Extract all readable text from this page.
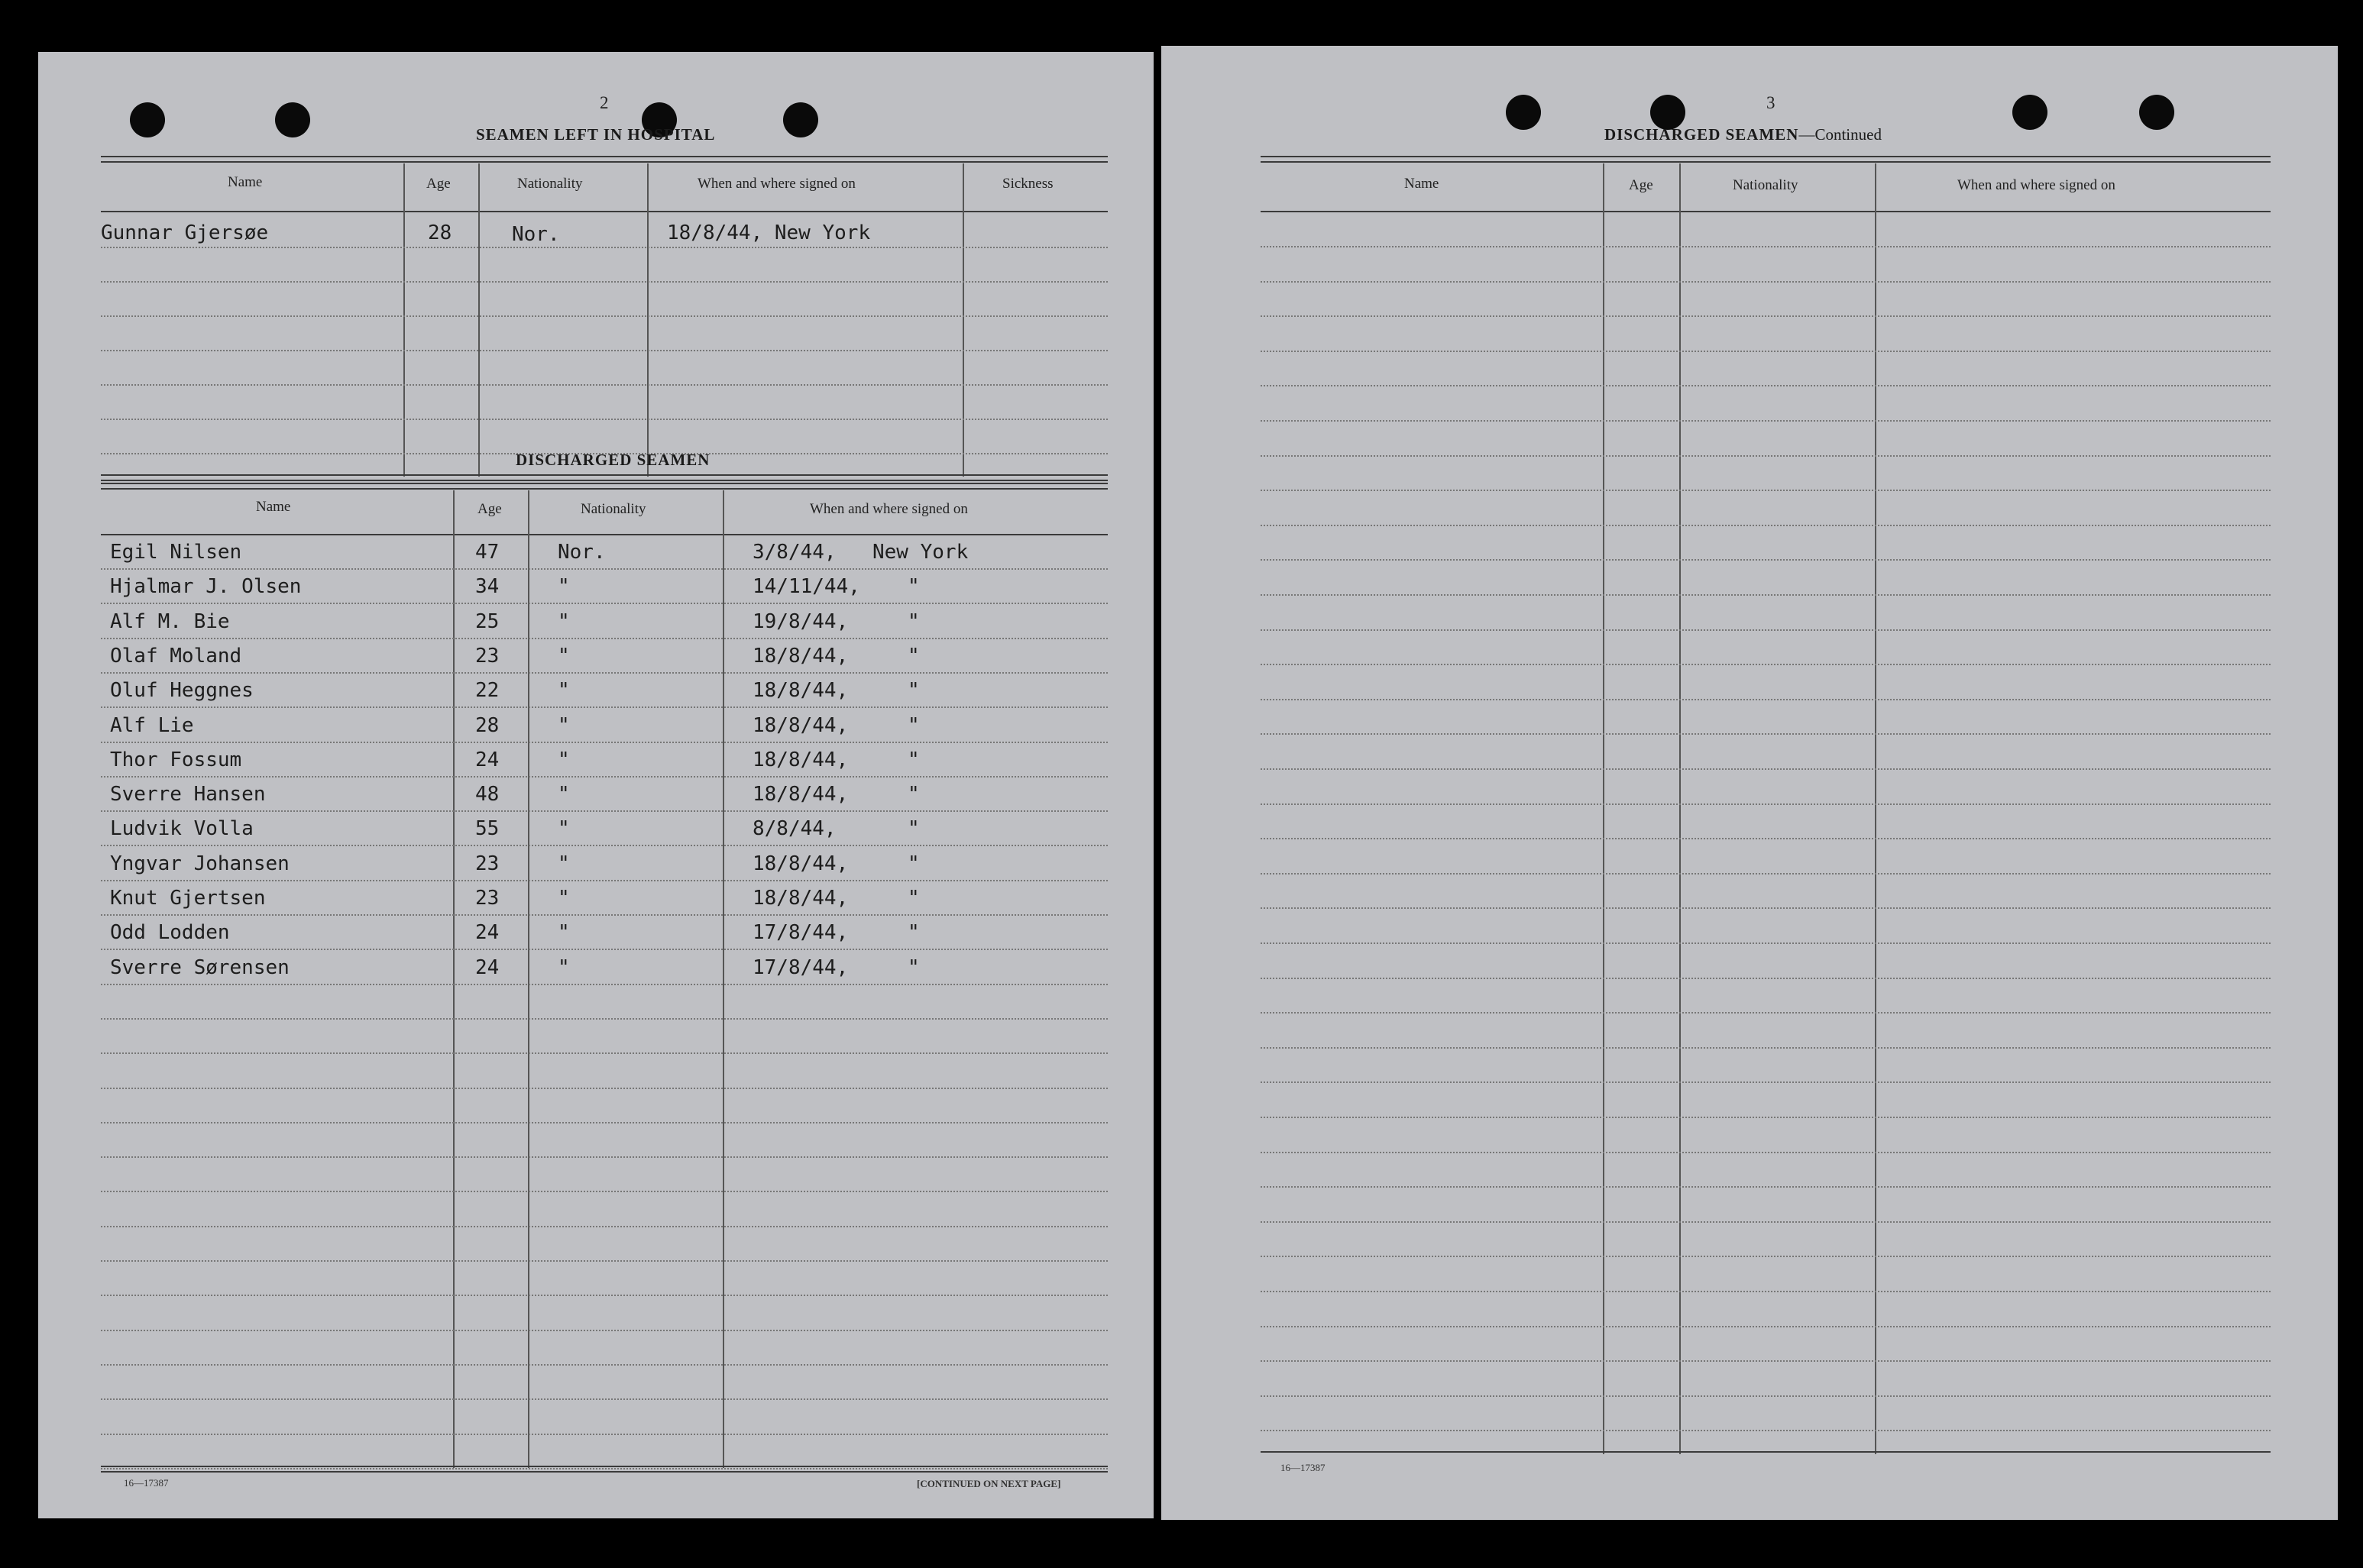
2
SEAMEN LEFT IN HOSPITAL
Name	Age	Nationality	When and where signed on	Sickness
Gunnar Gjersøe	28	Nor.	18/8/44, New York
DISCHARGED SEAMEN
Name	Age	Nationality	When and where signed on
Egil Nilsen	47	Nor.	3/8/44, New York
Hjalmar J. Olsen	34	"	14/11/44, "
Alf M. Bie	25	"	19/8/44,	"
Olaf Moland	23	"	18/8/44,	"
Oluf Heggnes	22	"	18/8/44,	"
Alf Lie	28	"	18/8/44,	"
Thor Fossum	24	"	18/8/44,	"
Sverre Hansen	48	"	18/8/44,	"
Ludvik Volla	55	"	8/8/44,	"
Yngvar Johansen	23	"	18/8/44,	"
Knut Gjertsen	23	"	18/8/44,	"
Odd Lodden	24	"	17/8/44,	"
Sverre Sørensen	24	"	17/8/44,	"
16—17387	[CONTINUED ON NEXT PAGE]
3
DISCHARGED SEAMEN—Continued
Name	Age	Nationality	When and where signed on
16—17387
